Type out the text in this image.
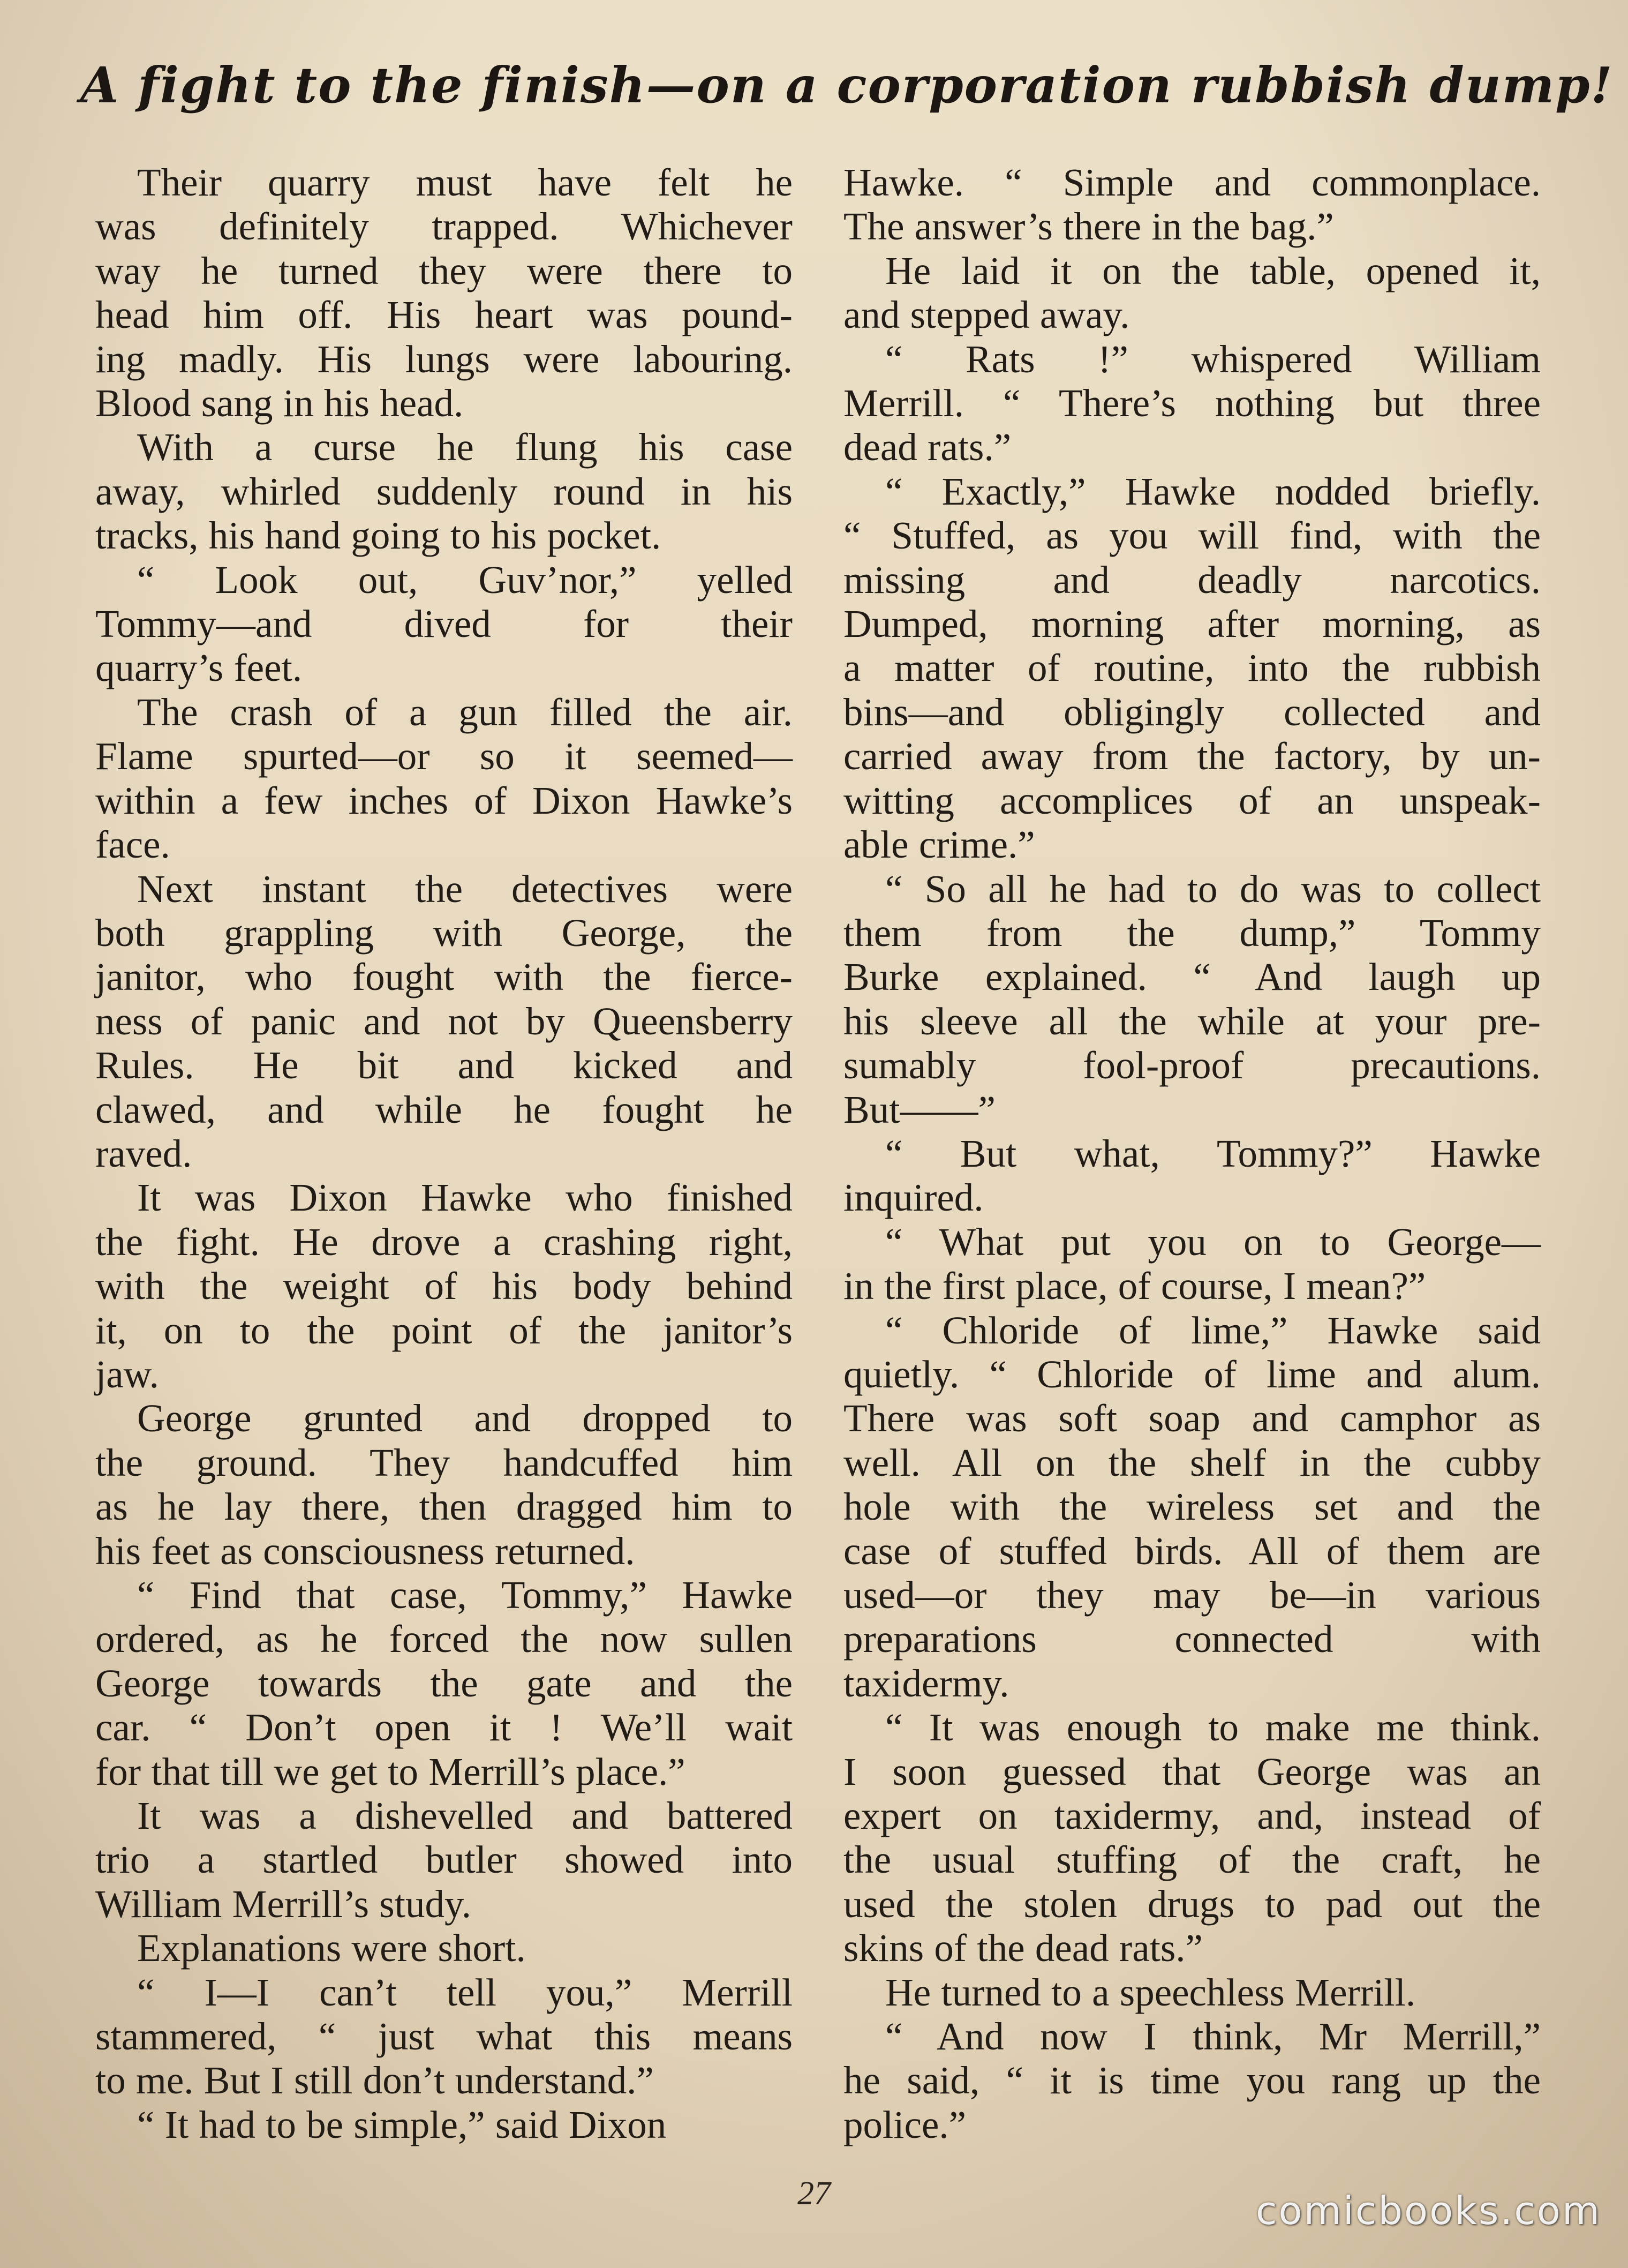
A fight to the finish—on a corporation rubbish dump!

Their quarry must have felt he
was definitely trapped. Whichever
way he turned they were there to
head him off. His heart was pound-
ing madly. His lungs were labouring.
Blood sang in his head.

With a curse he flung his case
away, whirled suddenly round in his
tracks, his hand going to his pocket.

“ Look out, Guv’nor,” yelled
Tommy—and dived for their
quarry’s feet.

The crash of a gun filled the air.
Flame spurted—or so it seemed—
within a few inches of Dixon Hawke’s
face.

Next instant the detectives were
both grappling with George, the
janitor, who fought with the fierce-
ness of panic and not by Queensberry
Rules. He bit and kicked and
clawed, and while he fought he
raved.

It was Dixon Hawke who finished
the fight. He drove a crashing right,
with the weight of his body behind
it, on to the point of the janitor’s
jaw.

George grunted and dropped to
the ground. They handcuffed him
as he lay there, then dragged him to
his feet as consciousness returned.

“ Find that case, Tommy,” Hawke
ordered, as he forced the now sullen
George towards the gate and the
car. “ Don’t open it ! We’ll wait
for that till we get to Merrill’s place.”

It was a dishevelled and battered
trio a startled butler showed into
William Merrill’s study.

Explanations were short.

“ I—I can’t tell you,” Merrill
stammered, “ just what this means
to me. But I still don’t understand.”

“ It had to be simple,” said Dixon

Hawke. “ Simple and commonplace.
The answer’s there in the bag.”

He laid it on the table, opened it,
and stepped away.

“ Rats !” whispered William
Merrill. “ There’s nothing but three
dead rats.”

“ Exactly,” Hawke nodded briefly.
“ Stuffed, as you will find, with the
missing and deadly narcotics.
Dumped, morning after morning, as
a matter of routine, into the rubbish
bins—and obligingly collected and
carried away from the factory, by un-
witting accomplices of an unspeak-
able crime.”

“ So all he had to do was to collect
them from the dump,” Tommy
Burke explained. “ And laugh up
his sleeve all the while at your pre-
sumably fool-proof precautions.
But——”

“ But what, Tommy?” Hawke
inquired.

“ What put you on to George—
in the first place, of course, I mean?”

“ Chloride of lime,” Hawke said
quietly. “ Chloride of lime and alum.
There was soft soap and camphor as
well. All on the shelf in the cubby
hole with the wireless set and the
case of stuffed birds. All of them are
used—or they may be—in various
preparations connected with
taxidermy.

“ It was enough to make me think.
I soon guessed that George was an
expert on taxidermy, and, instead of
the usual stuffing of the craft, he
used the stolen drugs to pad out the
skins of the dead rats.”

He turned to a speechless Merrill.

“ And now I think, Mr Merrill,”
he said, “ it is time you rang up the
police.”

27	comicbooks.com
